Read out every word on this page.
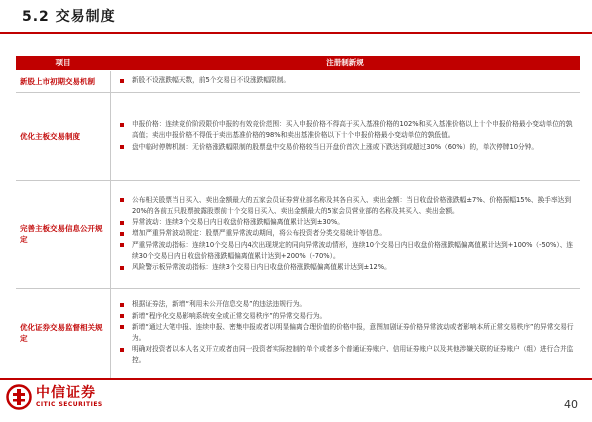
5.2 交易制度
项目	注册制新规
新股上市初期交易机制	新股不设涨跌幅天数，前5个交易日不设涨跌幅限制。

优化主板交易制度	申报价格：连续竞价阶段限价申报的有效竞价范围：买入申报价格不得高于买入基准价格的102%和买入基准价格以上十个申报价格最小变动单位的孰高值；卖出申报价格不得低于卖出基准价格的98%和卖出基准价格以下十个申报价格最小变动单位的孰低值。
盘中临时停牌机制：无价格涨跌幅限制的股票盘中交易价格较当日开盘价首次上涨或下跌达到或超过30%（60%）的，单次停牌10分钟。

完善主板交易信息公开规定	公布相关股票当日买入、卖出金额最大的五家会员证券营业部名称及其各自买入、卖出金额：当日收盘价格涨跌幅±7%、价格振幅15%、换手率达到20%的各前五只股票披露股票前十个交易日买入、卖出金额最大的5家会员营业部的名称及其买入、卖出金额。
异常波动：连续3个交易日内日收盘价格涨跌幅偏离值累计达到±30%。
增加严重异常波动规定：股票严重异常波动期间，将公布投资者分类交易统计等信息。
严重异常波动指标：连续10个交易日内4次出现规定的同向异常波动情形，连续10个交易日内日收盘价格涨跌幅偏离值累计达到+100%（-50%）、连续30个交易日内日收盘价格涨跌幅偏离值累计达到+200%（-70%）。
风险警示板异常波动指标：连续3个交易日内日收盘价格涨跌幅偏离值累计达到±12%。

优化证券交易监督相关规定	根据证券法，新增“利用未公开信息交易”的违法违规行为。
新增“程序化交易影响系统安全或正常交易秩序”的异常交易行为。
新增“通过大笔申报、连续申报、密集申报或者以明显偏离合理价值的价格申报，意图加剧证券价格异常波动或者影响本所正常交易秩序”的异常交易行为。
明确对投资者以本人名义开立或者由同一投资者实际控制的单个或者多个普通证券账户、信用证券账户以及其他涉嫌关联的证券账户（组）进行合并监控。
中信证券
CITIC SECURITIES	40
